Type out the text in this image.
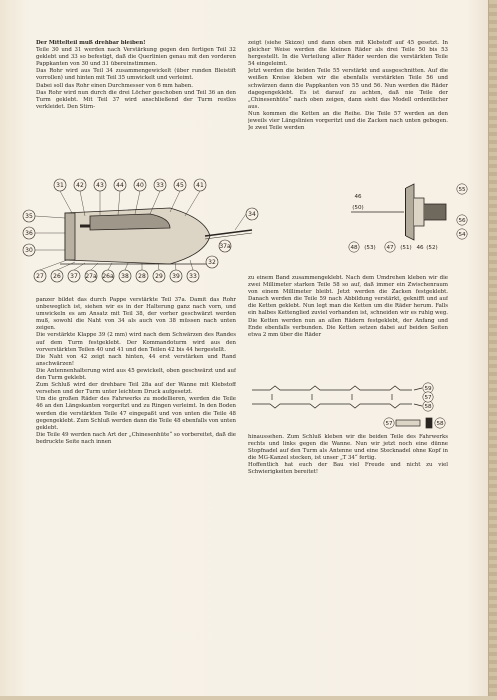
Der Mittelteil muß drehbar bleiben!

Teile 30 und 31 werden nach Verstärkung gegen den fertigen Teil 32 geklebt und 33 so befestigt, daß die Querlinien genau mit den vorderen Pappkanten von 30 und 31 übereinstimmen.

Das Rohr wird aus Teil 34 zusammengewickelt (über runden Bleistift vorrollen) und hinten mit Teil 35 umwickelt und verleimt.

Dabei soll das Rohr einen Durchmesser von 6 mm haben.

Das Rohr wird nun durch die drei Löcher geschoben und Teil 36 an den Turm geklebt. Mit Teil 37 wird anschließend der Turm restlos verkleidet. Den Stirn-

zeigt (siehe Skizze) und dann oben mit Klebstoff auf 45 gesetzt. In gleicher Weise werden die kleinen Räder als drei Teile 50 bis 53 hergestellt. In die Verteilung aller Räder werden die verstärkten Teile 54 eingeleimt.

Jetzt werden die beiden Teile 55 verstärkt und ausgeschnitten. Auf die weißen Kreise kleben wir die ebenfalls verstärkten Teile 56 und schwärzen dann die Pappkanten von 55 und 56. Nun werden die Räder dagegengeklebt. Es ist darauf zu achten, daß nie Teile der „Chinesenhüte“ nach oben zeigen, dann sieht das Modell ordentlicher aus.

Nun kommen die Ketten an die Reihe. Die Teile 57 werden an den jeweils vier Längslinien vorgeritzt und die Zacken nach unten gebogen. Je zwei Teile werden

31 42 43 44 40 33 45 41
35
36
30
34
37a
32
27 26 37 27a 26a 38 28 29 39 33
46
(50)
47 (51) 46 (52)
48 (53)
55
56
54

panzer bildet das durch Pappe verstärkte Teil 37a. Damit das Rohr unbeweglich ist, siehen wir es in der Halterung ganz nach vorn, und umwickeln es am Ansatz mit Teil 38, der vorher geschwärzt werden muß, sowohl die Naht von 34 als auch von 38 müssen nach unten zeigen.

Die verstärkte Klappe 39 (2 mm) wird nach dem Schwärzen des Randes auf dem Turm festgeklebt. Der Kommandoturm wird aus den vorverstärkten Teilen 40 und 41 und den Teilen 42 bis 44 hergestellt.

Die Naht von 42 zeigt nach hinten, 44 erst verstärken und Rand anschwärzen!

Die Antennenhalterung wird aus 45 gewickelt, oben geschwärzt und auf den Turm geklebt.

Zum Schluß wird der drehbare Teil 28a auf der Wanne mit Klebstoff versehen und der Turm unter leichtem Druck aufgesetzt.

Um die großen Räder des Fahrwerks zu modellieren, werden die Teile 46 an den Längskanten vorgeritzt und zu Ringen verleimt. In den Boden werden die verstärkten Teile 47 eingepaßt und von unten die Teile 48 gegengeklebt. Zum Schluß werden dann die Teile 48 ebenfalls von unten geklebt.

Die Teile 49 werden nach Art der „Chinesenhüte“ so vorbereitet, daß die bedruckte Seite nach innen

zu einem Band zusammengeklebt. Nach dem Umdrehen kleben wir die zwei Millimeter starken Teile 58 so auf, daß immer ein Zwischenraum von einem Millimeter bleibt. Jetzt werden die Zacken festgeklebt. Danach werden die Teile 59 nach Abbildung verstärkt, geknifft und auf die Ketten geklebt. Nun legt man die Ketten um die Räder herum. Falls ein halbes Kettenglied zuviel vorhanden ist, schneiden wir es ruhig weg. Die Ketten werden nun an allen Rädern festgeklebt, der Anfang und Ende ebenfalls verbunden. Die Ketten setzen dabei auf beiden Seiten etwa 2 mm über die Räder

59
58
57
57	58

hinaussehen. Zum Schluß kleben wir die beiden Teile des Fahrwerks rechts und links gegen die Wanne. Nun wir jetzt noch eine dünne Stopfnadel auf den Turm als Antenne und eine Stecknadel ohne Kopf in die MG-Kanzel stecken, ist unser „T 34“ fertig.

Hoffentlich hat euch der Bau viel Freude und nicht zu viel Schwierigkeiten bereitet!
